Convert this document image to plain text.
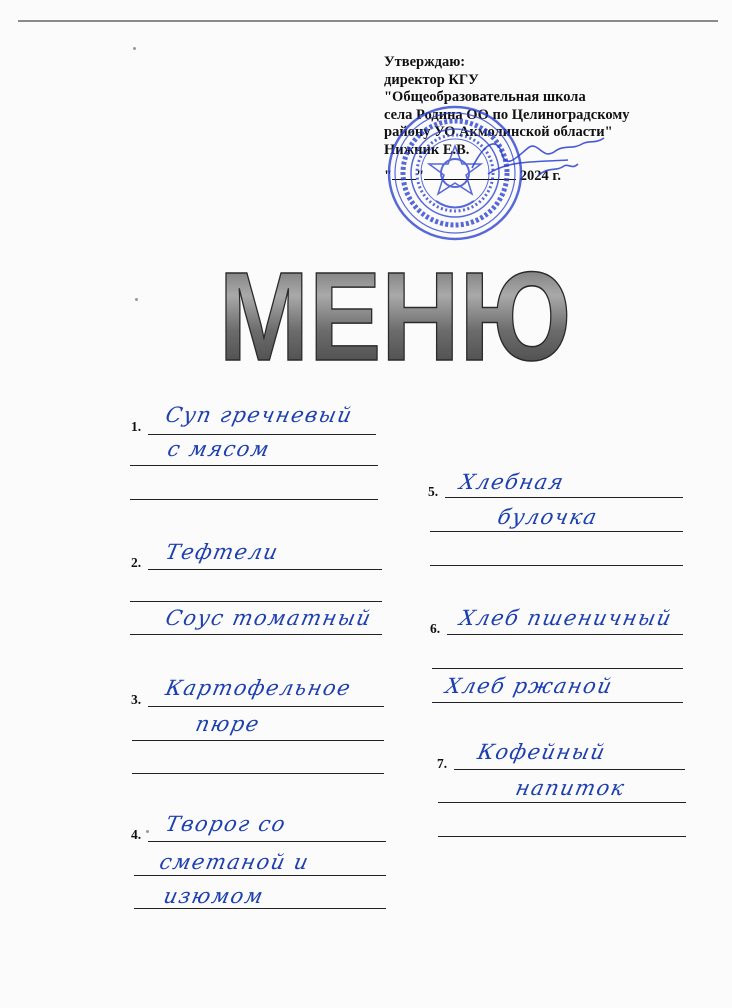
Утверждаю:
директор КГУ
"Общеобразовательная школа
села Родина ОО по Целиноградскому
району УО Акмолинской области"
Нижник Е.В.
" "	2024 г.
МЕНЮ
1. Суп гречневый
с мясом
2. Тефтели
Соус томатный
3. Картофельное
пюре
4. Творог со
сметаной и
изюмом
5. Хлебная
булочка
6. Хлеб пшеничный
Хлеб ржаной
7. Кофейный
напиток
